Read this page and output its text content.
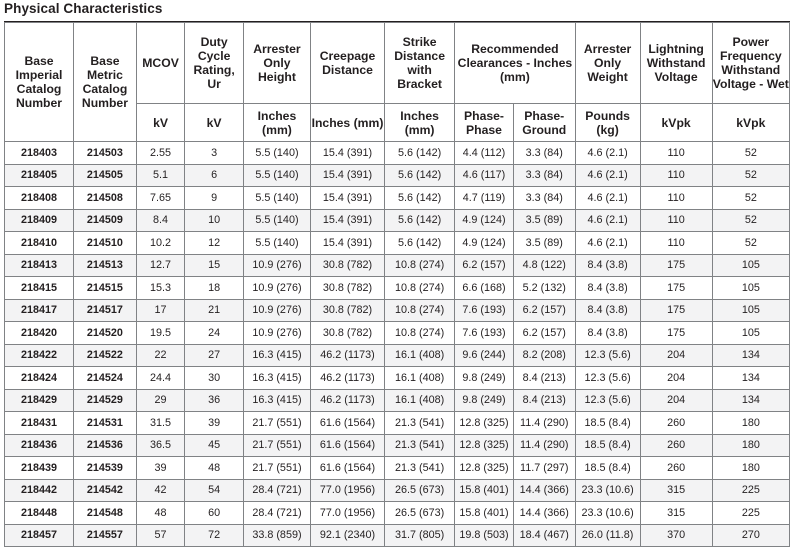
Physical Characteristics
Base Imperial Catalog Number	Base Metric Catalog Number	MCOV	Duty Cycle Rating, Ur	Arrester Only Height	Creepage Distance	Strike Distance with Bracket	Recommended Clearances - Inches (mm)		Arrester Only Weight	Lightning Withstand Voltage	Power Frequency Withstand Voltage - Wet
		kV	kV	Inches (mm)	Inches (mm)	Inches (mm)	Phase-Phase	Phase-Ground	Pounds (kg)	kVpk	kVpk
218403	214503	2.55	3	5.5 (140)	15.4 (391)	5.6 (142)	4.4 (112)	3.3 (84)	4.6 (2.1)	110	52
218405	214505	5.1	6	5.5 (140)	15.4 (391)	5.6 (142)	4.6 (117)	3.3 (84)	4.6 (2.1)	110	52
218408	214508	7.65	9	5.5 (140)	15.4 (391)	5.6 (142)	4.7 (119)	3.3 (84)	4.6 (2.1)	110	52
218409	214509	8.4	10	5.5 (140)	15.4 (391)	5.6 (142)	4.9 (124)	3.5 (89)	4.6 (2.1)	110	52
218410	214510	10.2	12	5.5 (140)	15.4 (391)	5.6 (142)	4.9 (124)	3.5 (89)	4.6 (2.1)	110	52
218413	214513	12.7	15	10.9 (276)	30.8 (782)	10.8 (274)	6.2 (157)	4.8 (122)	8.4 (3.8)	175	105
218415	214515	15.3	18	10.9 (276)	30.8 (782)	10.8 (274)	6.6 (168)	5.2 (132)	8.4 (3.8)	175	105
218417	214517	17	21	10.9 (276)	30.8 (782)	10.8 (274)	7.6 (193)	6.2 (157)	8.4 (3.8)	175	105
218420	214520	19.5	24	10.9 (276)	30.8 (782)	10.8 (274)	7.6 (193)	6.2 (157)	8.4 (3.8)	175	105
218422	214522	22	27	16.3 (415)	46.2 (1173)	16.1 (408)	9.6 (244)	8.2 (208)	12.3 (5.6)	204	134
218424	214524	24.4	30	16.3 (415)	46.2 (1173)	16.1 (408)	9.8 (249)	8.4 (213)	12.3 (5.6)	204	134
218429	214529	29	36	16.3 (415)	46.2 (1173)	16.1 (408)	9.8 (249)	8.4 (213)	12.3 (5.6)	204	134
218431	214531	31.5	39	21.7 (551)	61.6 (1564)	21.3 (541)	12.8 (325)	11.4 (290)	18.5 (8.4)	260	180
218436	214536	36.5	45	21.7 (551)	61.6 (1564)	21.3 (541)	12.8 (325)	11.4 (290)	18.5 (8.4)	260	180
218439	214539	39	48	21.7 (551)	61.6 (1564)	21.3 (541)	12.8 (325)	11.7 (297)	18.5 (8.4)	260	180
218442	214542	42	54	28.4 (721)	77.0 (1956)	26.5 (673)	15.8 (401)	14.4 (366)	23.3 (10.6)	315	225
218448	214548	48	60	28.4 (721)	77.0 (1956)	26.5 (673)	15.8 (401)	14.4 (366)	23.3 (10.6)	315	225
218457	214557	57	72	33.8 (859)	92.1 (2340)	31.7 (805)	19.8 (503)	18.4 (467)	26.0 (11.8)	370	270
